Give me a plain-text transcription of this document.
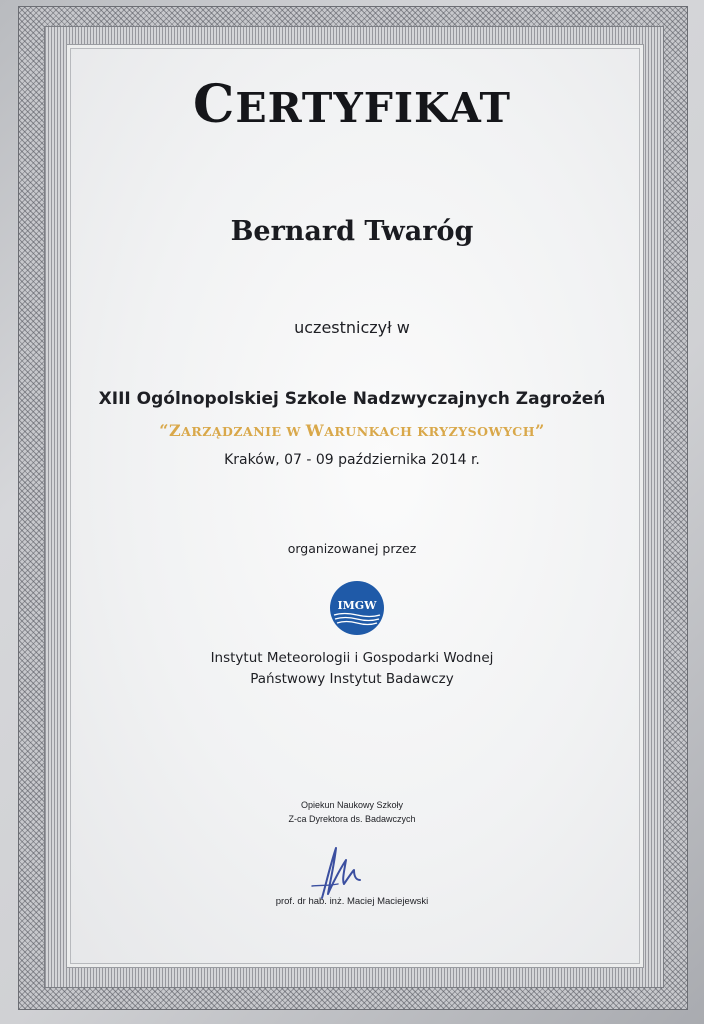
CERTYFIKAT
Bernard Twaróg
uczestniczył w
XIII Ogólnopolskiej Szkole Nadzwyczajnych Zagrożeń
“ZARZĄDZANIE W WARUNKACH KRYZYSOWYCH”
Kraków, 07 - 09 października 2014 r.
organizowanej przez
IMGW
Instytut Meteorologii i Gospodarki Wodnej
Państwowy Instytut Badawczy
Opiekun Naukowy Szkoły
Z-ca Dyrektora ds. Badawczych
prof. dr hab. inż. Maciej Maciejewski
